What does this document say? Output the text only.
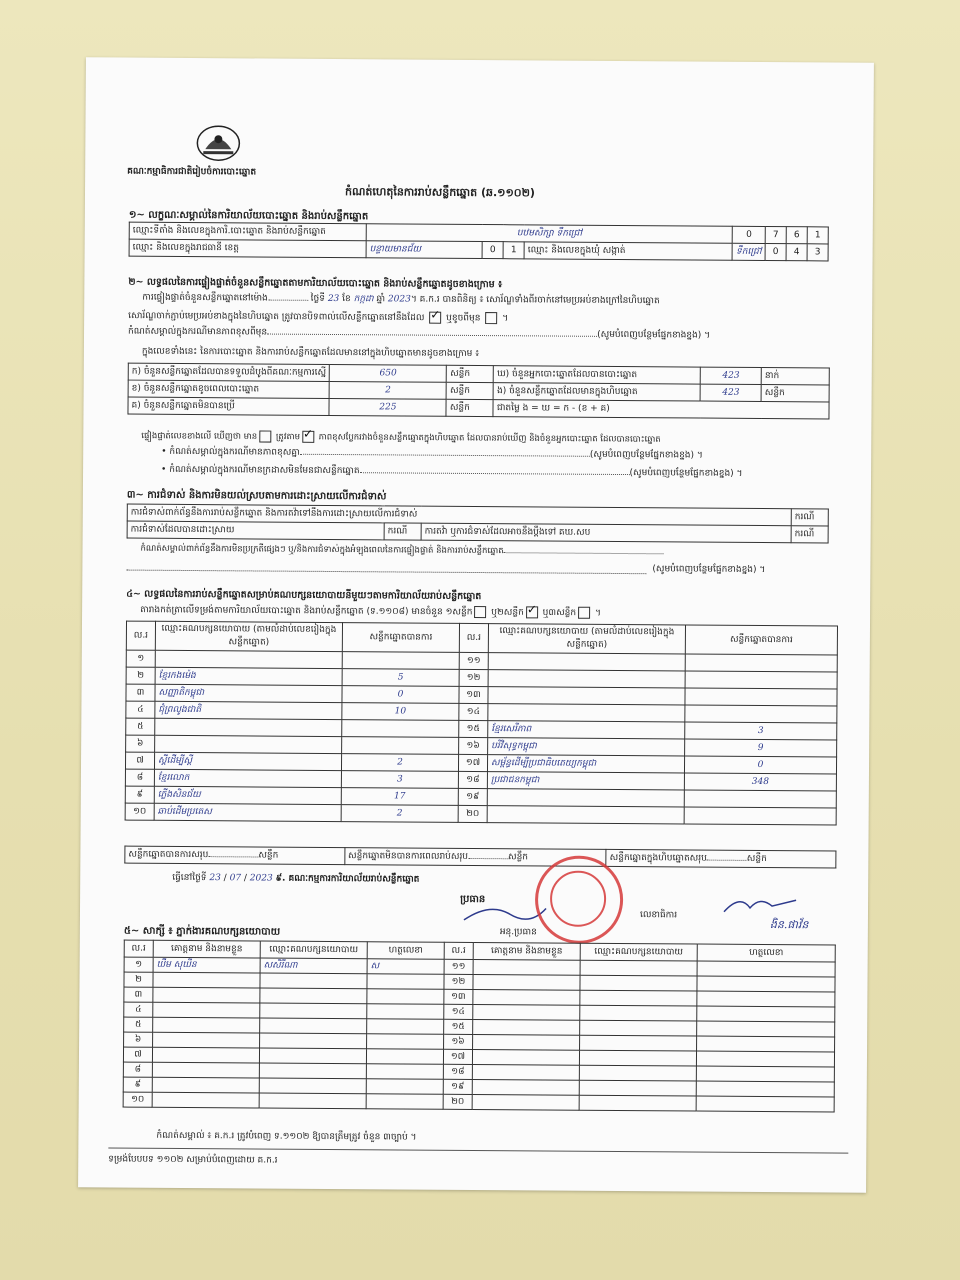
គណៈកម្មាធិការជាតិរៀបចំការបោះឆ្នោត
កំណត់ហេតុនៃការរាប់សន្លឹកឆ្នោត (ឆ.១១០២)
១~ លក្ខណៈសម្គាល់នៃការិយាល័យបោះឆ្នោត និងរាប់សន្លឹកឆ្នោត
ឈ្មោះទីតាំង និងលេខក្នុងការិ.បោះឆ្នោត និងរាប់សន្លឹកឆ្នោត	បឋមសិក្សា ទឹកជ្រៅ				0	7	6	1
ឈ្មោះ និងលេខក្នុងរាជធានី ខេត្ត	បន្ទាយមានជ័យ	0	1	ឈ្មោះ និងលេខក្នុងឃុំ សង្កាត់	ទឹកជ្រៅ	0	4	3
២~ លទ្ធផលនៃការផ្ទៀងផ្ទាត់ចំនួនសន្លឹកឆ្នោតតាមការិយាល័យបោះឆ្នោត និងរាប់សន្លឹកឆ្នោតដូចខាងក្រោម ៖
ការផ្ទៀងផ្ទាត់ចំនួនសន្លឹកឆ្នោតនៅម៉ោង	ថ្ងៃទី 23 ខែ កក្កដា ឆ្នាំ 2023។ គ.ក.រ បានពិនិត្យ ៖ សោរ័ណ្ឌទាំងពីរចាក់នៅមេប្រអប់ខាងក្រៅនៃហិបឆ្នោត
សោរ័ណ្ឌចាក់ភ្ជាប់មេប្រអប់ខាងក្នុងនៃហិបឆ្នោត ត្រូវបានបិទពាល់លើសន្លឹកឆ្នោតនៅនឹងដែល ✓ ឬខូចពីមុន  ។
កំណត់សម្គាល់ក្នុងករណីមានភាពខុសពីមុន	(សូមបំពេញបន្ថែមផ្នែកខាងខ្នង) ។
ក្នុងលេខទាំងនេះ នៃការបោះឆ្នោត និងការរាប់សន្លឹកឆ្នោតដែលមាននៅក្នុងហិបឆ្នោតមានដូចខាងក្រោម ៖
ក) ចំនួនសន្លឹកឆ្នោតដែលបានទទួលដំបូងពីគណៈកម្មការស្នើ	650	សន្លឹក	ឃ) ចំនួនអ្នកបោះឆ្នោតដែលបានបោះឆ្នោត	423	នាក់
ខ) ចំនួនសន្លឹកឆ្នោតខូចពេលបោះឆ្នោត	2	សន្លឹក	ង) ចំនួនសន្លឹកឆ្នោតដែលមានក្នុងហិបឆ្នោត	423	សន្លឹក
គ) ចំនួនសន្លឹកឆ្នោតមិនបានប្រើ	225	សន្លឹក	ជាតម្លៃ ង = ឃ = ក - (ខ + គ)		
ផ្ទៀងផ្ទាត់លេខខាងលើ ឃើញថា មាន ត្រូវតាម ✓ ភាពខុសប្លែករវាងចំនួនសន្លឹកឆ្នោតក្នុងហិបឆ្នោត ដែលបានរាប់ឃើញ និងចំនួនអ្នកបោះឆ្នោត ដែលបានបោះឆ្នោត
• កំណត់សម្គាល់ក្នុងករណីមានភាពខុសគ្នា	(សូមបំពេញបន្ថែមផ្នែកខាងខ្នង) ។
• កំណត់សម្គាល់ក្នុងករណីមានក្រដាសមិនមែនជាសន្លឹកឆ្នោត	(សូមបំពេញបន្ថែមផ្នែកខាងខ្នង) ។
៣~ ការជំទាស់ និងការមិនយល់ស្របតាមការដោះស្រាយលើការជំទាស់
ការជំទាស់ពាក់ព័ន្ធនឹងការរាប់សន្លឹកឆ្នោត និងការតវ៉ាទៅនឹងការដោះស្រាយលើការជំទាស់			ករណី
ការជំទាស់ដែលបានដោះស្រាយ	ករណី	ការតវ៉ា ឬការជំទាស់ដែលអាចនឹងប្តឹងទៅ គឃ.សប	ករណី
កំណត់សម្គាល់ពាក់ព័ន្ធនឹងការមិនប្រក្រតីផ្សេងៗ ឬ/និងការជំទាស់ក្នុងអំឡុងពេលនៃការផ្ទៀងផ្ទាត់ និងការរាប់សន្លឹកឆ្នោត
(សូមបំពេញបន្ថែមផ្នែកខាងខ្នង) ។
៤~ លទ្ធផលនៃការរាប់សន្លឹកឆ្នោតសម្រាប់គណបក្សនយោបាយនីមួយៗតាមការិយាល័យរាប់សន្លឹកឆ្នោត
តារាងកត់ត្រាលើទម្រង់តាមការិយាល័យបោះឆ្នោត និងរាប់សន្លឹកឆ្នោត (ទ.១១០៨) មានចំនួន ១សន្លឹក ឬ២សន្លឹក ✓ ឬ៣សន្លឹក ។
ល.រ	ឈ្មោះគណបក្សនយោបាយ (តាមលំដាប់លេខរៀងក្នុងសន្លឹកឆ្នោត)	សន្លឹកឆ្នោតបានការ	ល.រ	ឈ្មោះគណបក្សនយោបាយ (តាមលំដាប់លេខរៀងក្នុងសន្លឹកឆ្នោត)	សន្លឹកឆ្នោតបានការ
១			១១		
២	ខ្មែរកងម៉េង	5	១២		
៣	សញ្ញាតិកម្ពុជា	0	១៣		
៤	ជុំព្រលូងជាតិ	10	១៤		
៥			១៥	ខ្មែរសេរីភាព	3
៦			១៦	បរិវិសុទ្ធកម្ពុជា	9
៧	ស្តីដើម្បីស្តី	2	១៧	សម្ព័ន្ធដើម្បីប្រជាធិបតេយ្យកម្ពុជា	0
៨	ខ្មែរលោក	3	១៨	ប្រជាជនកម្ពុជា	348
៩	ភ្លើងសិនជ័យ	17	១៩		
១០	ឆាប់ដើមប្រតេស	2	២០		
សន្លឹកឆ្នោតបានការសរុប	សន្លឹក	សន្លឹកឆ្នោតមិនបានការពេលរាប់សរុប	សន្លឹក	សន្លឹកឆ្នោតក្នុងហិបឆ្នោតសរុប	សន្លឹក
ធ្វើនៅថ្ងៃទី 23 / 07 / 2023 ៩. គណៈកម្មការការិយាល័យរាប់សន្លឹកឆ្នោត
ប្រធាន
អនុ.ប្រធាន
លេខាធិការ
ងិន.ផាវ័ន
៥~ សាក្សី ៖ ភ្នាក់ងារគណបក្សនយោបាយ
ល.រ	គោត្តនាម និងនាមខ្លួន	ឈ្មោះគណបក្សនយោបាយ	ហត្ថលេខា	ល.រ	គោត្តនាម និងនាមខ្លួន	ឈ្មោះគណបក្សនយោបាយ	ហត្ថលេខា
១	ឃឹម សុឃីន	សសិរីណា	ស	១១			
២				១២			
៣				១៣			
៤				១៤			
៥				១៥			
៦				១៦			
៧				១៧			
៨				១៨			
៩				១៩			
១០				២០			
កំណត់សម្គាល់ ៖ គ.ក.រ ត្រូវបំពេញ ទ.១១០២ ឱ្យបានត្រឹមត្រូវ ចំនួន ៣ច្បាប់ ។
ទម្រង់បែបបទ ១១០២ សម្រាប់បំពេញដោយ គ.ក.រ
